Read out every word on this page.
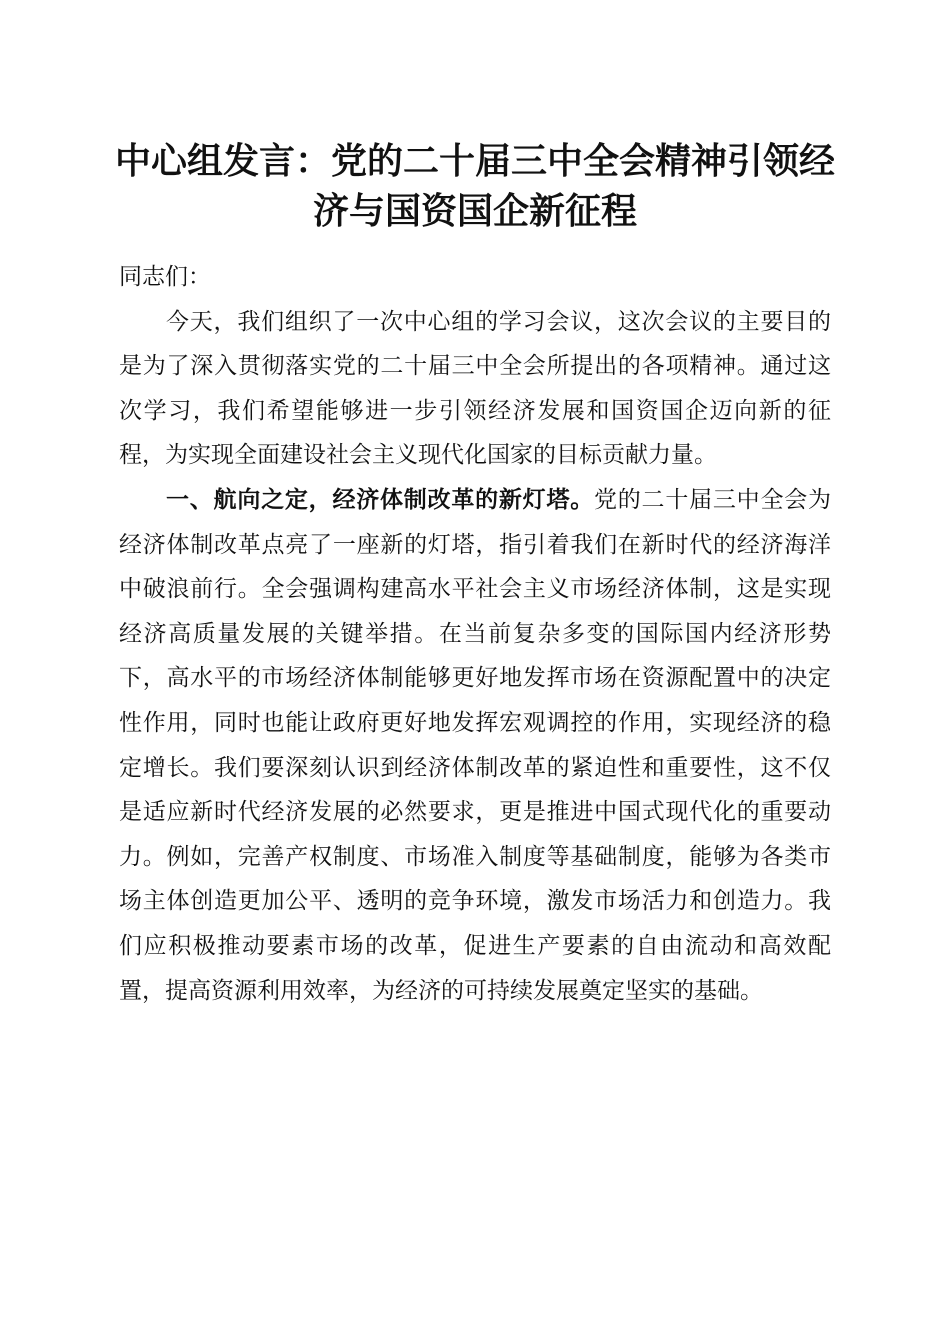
中心组发言：党的二十届三中全会精神引领经
济与国资国企新征程

同志们：

今天，我们组织了一次中心组的学习会议，这次会议的主要目的是为了深入贯彻落实党的二十届三中全会所提出的各项精神。通过这次学习，我们希望能够进一步引领经济发展和国资国企迈向新的征程，为实现全面建设社会主义现代化国家的目标贡献力量。

一、航向之定，经济体制改革的新灯塔。党的二十届三中全会为经济体制改革点亮了一座新的灯塔，指引着我们在新时代的经济海洋中破浪前行。全会强调构建高水平社会主义市场经济体制，这是实现经济高质量发展的关键举措。在当前复杂多变的国际国内经济形势下，高水平的市场经济体制能够更好地发挥市场在资源配置中的决定性作用，同时也能让政府更好地发挥宏观调控的作用，实现经济的稳定增长。我们要深刻认识到经济体制改革的紧迫性和重要性，这不仅是适应新时代经济发展的必然要求，更是推进中国式现代化的重要动力。例如，完善产权制度、市场准入制度等基础制度，能够为各类市场主体创造更加公平、透明的竞争环境，激发市场活力和创造力。我们应积极推动要素市场的改革，促进生产要素的自由流动和高效配置，提高资源利用效率，为经济的可持续发展奠定坚实的基础。
